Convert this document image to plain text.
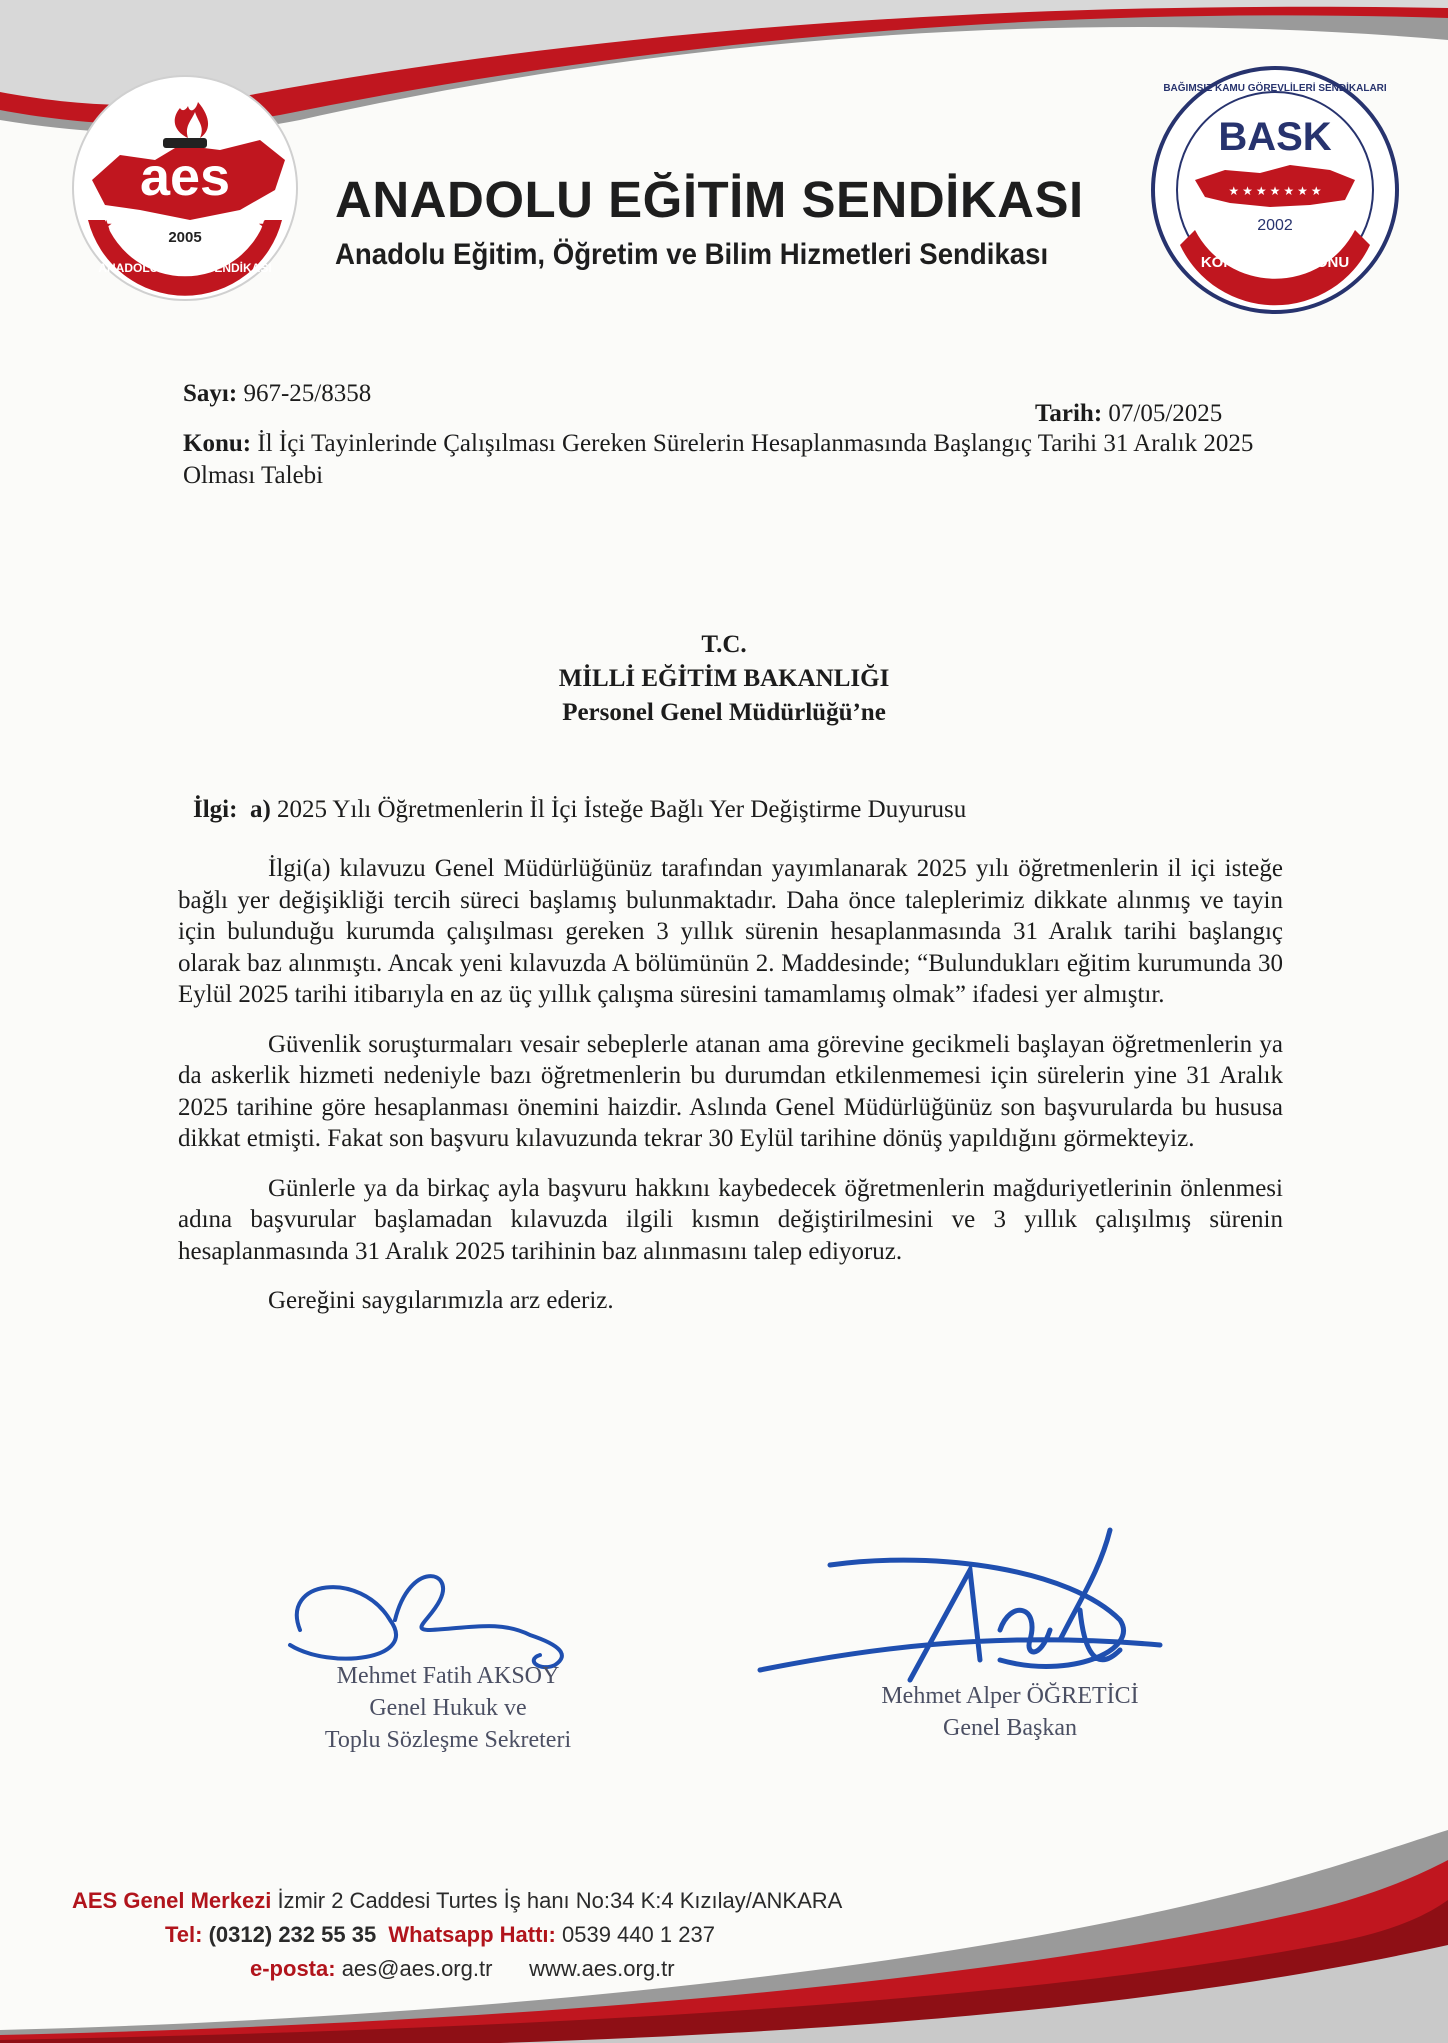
aes
2005
ANADOLU EĞİTİM SENDİKASI
★	★ ANADOLU EĞİTİM SENDİKASI
Anadolu Eğitim, Öğretim ve Bilim Hizmetleri Sendikası
BASK
★ ★ ★ ★ ★ ★ ★
2002
BAĞIMSIZ KAMU GÖREVLİLERİ SENDİKALARI
KONFEDERASYONU
Sayı: 967-25/8358
Tarih: 07/05/2025
Konu: İl İçi Tayinlerinde Çalışılması Gereken Sürelerin Hesaplanmasında Başlangıç Tarihi 31 Aralık 2025 Olması Talebi
T.C.
MİLLİ EĞİTİM BAKANLIĞI
Personel Genel Müdürlüğü’ne
İlgi: a) 2025 Yılı Öğretmenlerin İl İçi İsteğe Bağlı Yer Değiştirme Duyurusu

İlgi(a) kılavuzu Genel Müdürlüğünüz tarafından yayımlanarak 2025 yılı öğretmenlerin il içi isteğe bağlı yer değişikliği tercih süreci başlamış bulunmaktadır. Daha önce taleplerimiz dikkate alınmış ve tayin için bulunduğu kurumda çalışılması gereken 3 yıllık sürenin hesaplanmasında 31 Aralık tarihi başlangıç olarak baz alınmıştı. Ancak yeni kılavuzda A bölümünün 2. Maddesinde; “Bulundukları eğitim kurumunda 30 Eylül 2025 tarihi itibarıyla en az üç yıllık çalışma süresini tamamlamış olmak” ifadesi yer almıştır.

Güvenlik soruşturmaları vesair sebeplerle atanan ama görevine gecikmeli başlayan öğretmenlerin ya da askerlik hizmeti nedeniyle bazı öğretmenlerin bu durumdan etkilenmemesi için sürelerin yine 31 Aralık 2025 tarihine göre hesaplanması önemini haizdir. Aslında Genel Müdürlüğünüz son başvurularda bu hususa dikkat etmişti. Fakat son başvuru kılavuzunda tekrar 30 Eylül tarihine dönüş yapıldığını görmekteyiz.

Günlerle ya da birkaç ayla başvuru hakkını kaybedecek öğretmenlerin mağduriyetlerinin önlenmesi adına başvurular başlamadan kılavuzda ilgili kısmın değiştirilmesini ve 3 yıllık çalışılmış sürenin hesaplanmasında 31 Aralık 2025 tarihinin baz alınmasını talep ediyoruz.

Gereğini saygılarımızla arz ederiz.

Mehmet Fatih AKSOY
Genel Hukuk ve
Toplu Sözleşme Sekreteri
Mehmet Alper ÖĞRETİCİ
Genel Başkan
AES Genel Merkezi İzmir 2 Caddesi Turtes İş hanı No:34 K:4 Kızılay/ANKARA
Tel: (0312) 232 55 35 Whatsapp Hattı: 0539 440 1 237
e-posta: aes@aes.org.tr www.aes.org.tr
